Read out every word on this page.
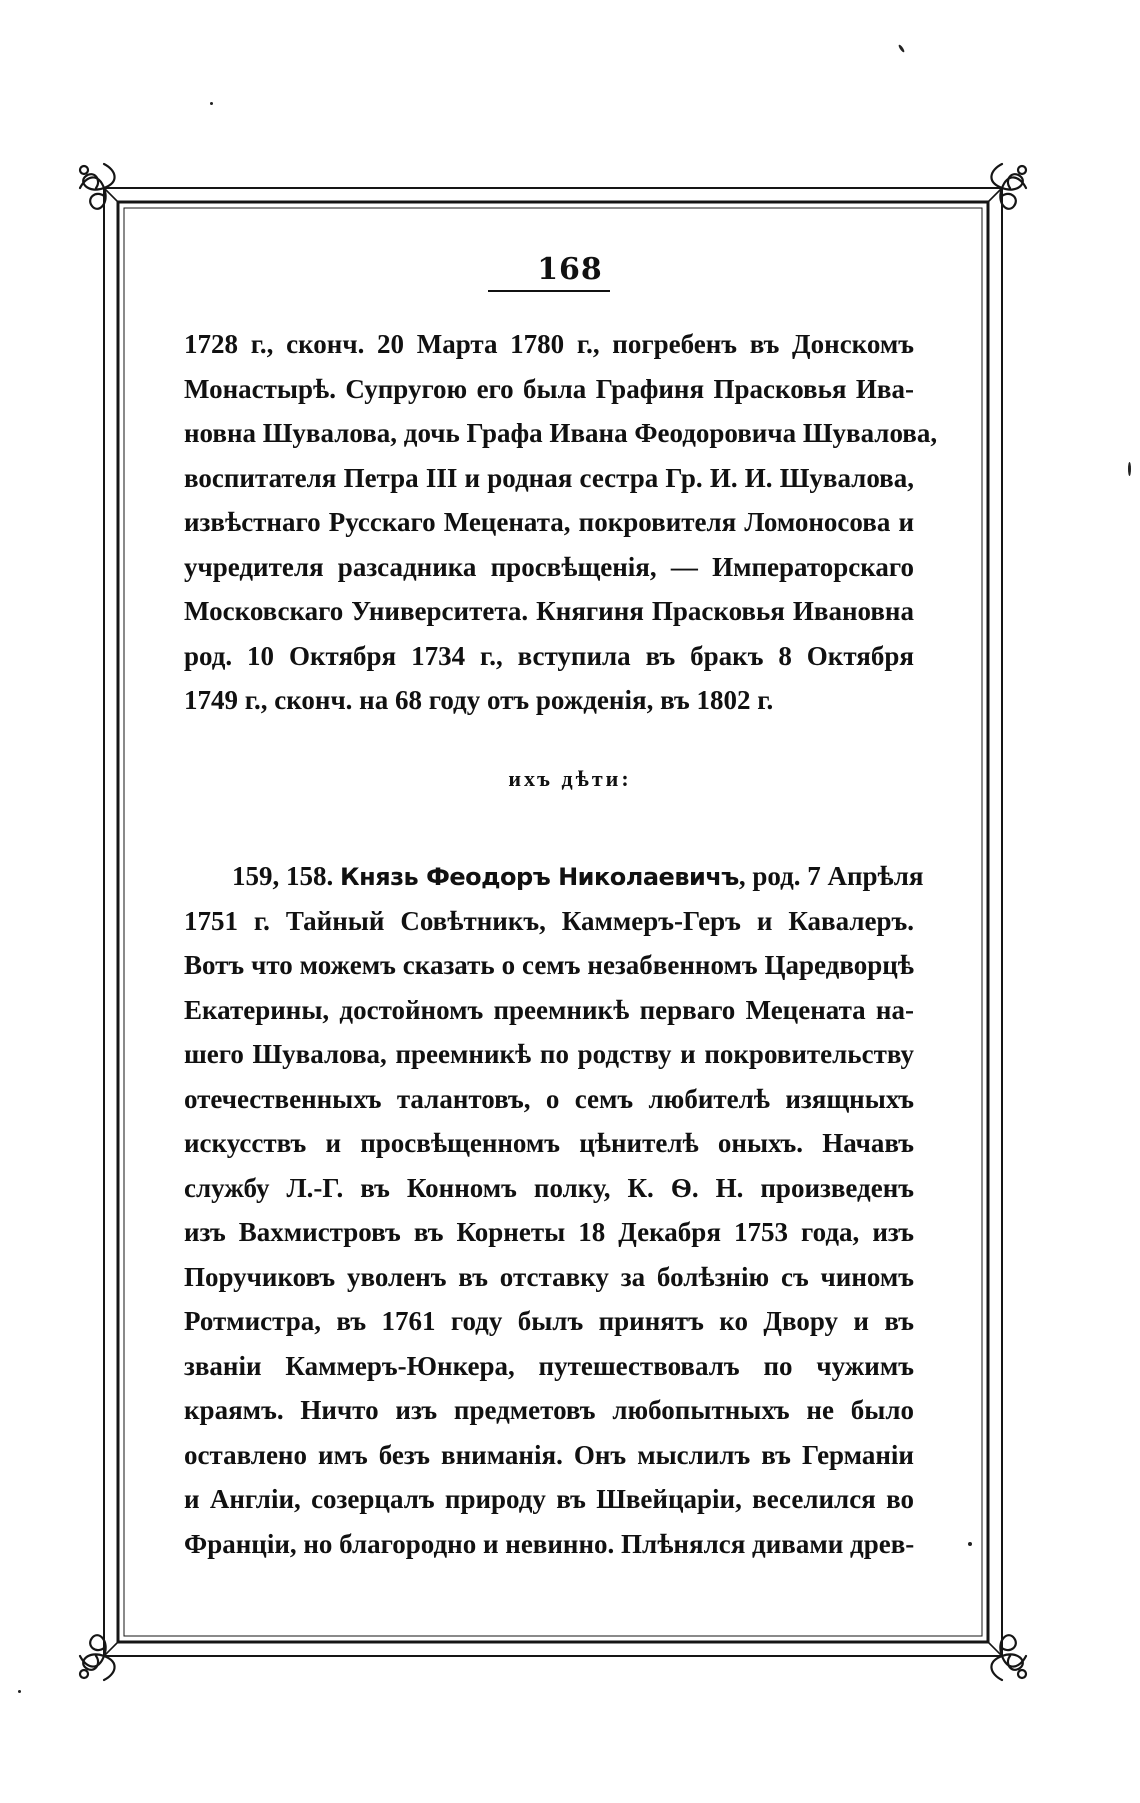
168
1728 г., сконч. 20 Марта 1780 г., погребенъ въ Донскомъ
Монастырѣ. Супругою его была Графиня Прасковья Ива-
новна Шувалова, дочь Графа Ивана Феодоровича Шувалова,
воспитателя Петра III и родная сестра Гр. И. И. Шувалова,
извѣстнаго Русскаго Мецената, покровителя Ломоносова и
учредителя разсадника просвѣщенія, — Императорскаго
Московскаго Университета. Княгиня Прасковья Ивановна
род. 10 Октября 1734 г., вступила въ бракъ 8 Октября
1749 г., сконч. на 68 году отъ рожденія, въ 1802 г.
ихъ дѣти:
159, 158. Князь Феодоръ Николаевичъ, род. 7 Апрѣля
1751 г. Тайный Совѣтникъ, Каммеръ-Геръ и Кавалеръ.
Вотъ что можемъ сказать о семъ незабвенномъ Царедворцѣ
Екатерины, достойномъ преемникѣ перваго Мецената на-
шего Шувалова, преемникѣ по родству и покровительству
отечественныхъ талантовъ, о семъ любителѣ изящныхъ
искусствъ и просвѣщенномъ цѣнителѣ оныхъ. Начавъ
службу Л.-Г. въ Конномъ полку, К. Ѳ. Н. произведенъ
изъ Вахмистровъ въ Корнеты 18 Декабря 1753 года, изъ
Поручиковъ уволенъ въ отставку за болѣзнію съ чиномъ
Ротмистра, въ 1761 году былъ принятъ ко Двору и въ
званіи Каммеръ-Юнкера, путешествовалъ по чужимъ
краямъ. Ничто изъ предметовъ любопытныхъ не было
оставлено имъ безъ вниманія. Онъ мыслилъ въ Германіи
и Англіи, созерцалъ природу въ Швейцаріи, веселился во
Франціи, но благородно и невинно. Плѣнялся дивами древ-
